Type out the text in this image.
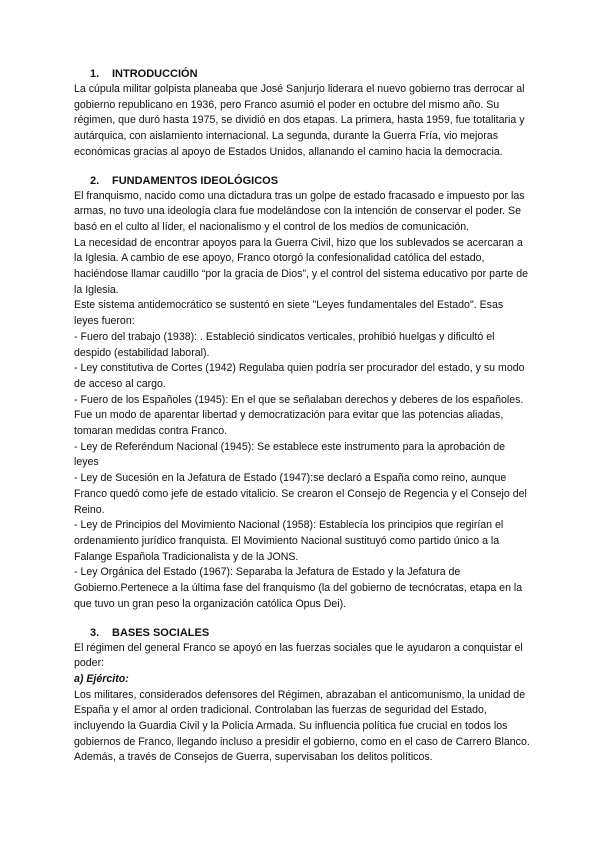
1.	INTRODUCCIÓN

La cúpula militar golpista planeaba que José Sanjurjo liderara el nuevo gobierno tras derrocar al gobierno republicano en 1936, pero Franco asumió el poder en octubre del mismo año. Su régimen, que duró hasta 1975, se dividió en dos etapas. La primera, hasta 1959, fue totalitaria y autárquica, con aislamiento internacional. La segunda, durante la Guerra Fría, vio mejoras económicas gracias al apoyo de Estados Unidos, allanando el camino hacia la democracia.

2.	FUNDAMENTOS IDEOLÓGICOS

El franquismo, nacido como una dictadura tras un golpe de estado fracasado e impuesto por las armas, no tuvo una ideología clara fue modelándose con la intención de conservar el poder. Se basó en el culto al líder, el nacionalismo y el control de los medios de comunicación.

La necesidad de encontrar apoyos para la Guerra Civil, hizo que los sublevados se acercaran a la Iglesia. A cambio de ese apoyo, Franco otorgó la confesionalidad católica del estado, haciéndose llamar caudillo “por la gracia de Dios”, y el control del sistema educativo por parte de la Iglesia.

Este sistema antidemocrático se sustentó en siete "Leyes fundamentales del Estado". Esas leyes fueron:

- Fuero del trabajo (1938): . Estableció sindicatos verticales, prohibió huelgas y dificultó el despido (estabilidad laboral).

- Ley constitutiva de Cortes (1942) Regulaba quien podría ser procurador del estado, y su modo de acceso al cargo.

- Fuero de los Españoles (1945): En el que se señalaban derechos y deberes de los españoles. Fue un modo de aparentar libertad y democratización para evitar que las potencias aliadas, tomaran medidas contra Franco.

- Ley de Referéndum Nacional (1945): Se establece este instrumento para la aprobación de leyes

- Ley de Sucesión en la Jefatura de Estado (1947):se declaró a España como reino, aunque Franco quedó como jefe de estado vitalicio. Se crearon el Consejo de Regencia y el Consejo del Reino.

- Ley de Principios del Movimiento Nacional (1958): Establecía los principios que regirían el ordenamiento jurídico franquista. El Movimiento Nacional sustituyó como partido único a la Falange Española Tradicionalista y de la JONS.

- Ley Orgánica del Estado (1967): Separaba la Jefatura de Estado y la Jefatura de Gobierno.Pertenece a la última fase del franquismo (la del gobierno de tecnócratas, etapa en la que tuvo un gran peso la organización católica Opus Dei).

3.	BASES SOCIALES

El régimen del general Franco se apoyó en las fuerzas sociales que le ayudaron a conquistar el poder:

a) Ejército:

Los militares, considerados defensores del Régimen, abrazaban el anticomunismo, la unidad de España y el amor al orden tradicional. Controlaban las fuerzas de seguridad del Estado, incluyendo la Guardia Civil y la Policía Armada. Su influencia política fue crucial en todos los gobiernos de Franco, llegando incluso a presidir el gobierno, como en el caso de Carrero Blanco. Además, a través de Consejos de Guerra, supervisaban los delitos políticos.
